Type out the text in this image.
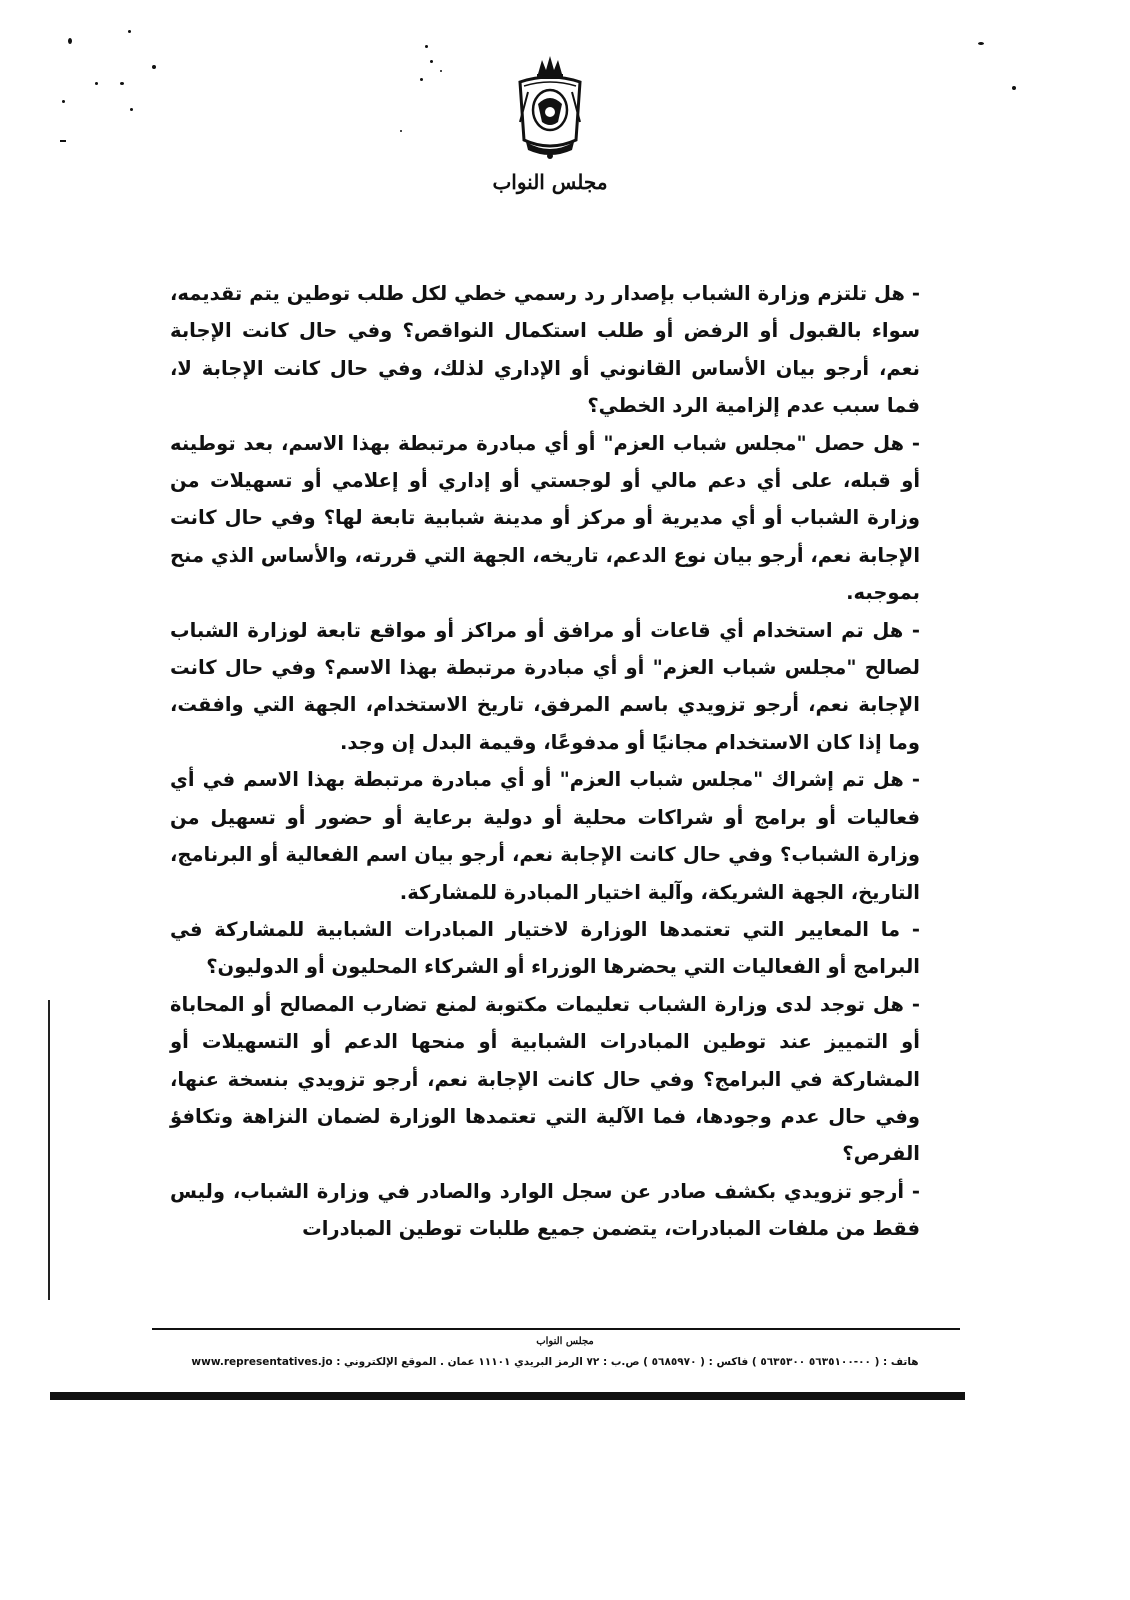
مجلس النواب

- هل تلتزم وزارة الشباب بإصدار رد رسمي خطي لكل طلب توطين يتم تقديمه، سواء بالقبول أو الرفض أو طلب استكمال النواقص؟ وفي حال كانت الإجابة نعم، أرجو بيان الأساس القانوني أو الإداري لذلك، وفي حال كانت الإجابة لا، فما سبب عدم إلزامية الرد الخطي؟

- هل حصل "مجلس شباب العزم" أو أي مبادرة مرتبطة بهذا الاسم، بعد توطينه أو قبله، على أي دعم مالي أو لوجستي أو إداري أو إعلامي أو تسهيلات من وزارة الشباب أو أي مديرية أو مركز أو مدينة شبابية تابعة لها؟ وفي حال كانت الإجابة نعم، أرجو بيان نوع الدعم، تاريخه، الجهة التي قررته، والأساس الذي منح بموجبه.

- هل تم استخدام أي قاعات أو مرافق أو مراكز أو مواقع تابعة لوزارة الشباب لصالح "مجلس شباب العزم" أو أي مبادرة مرتبطة بهذا الاسم؟ وفي حال كانت الإجابة نعم، أرجو تزويدي باسم المرفق، تاريخ الاستخدام، الجهة التي وافقت، وما إذا كان الاستخدام مجانيًا أو مدفوعًا، وقيمة البدل إن وجد.

- هل تم إشراك "مجلس شباب العزم" أو أي مبادرة مرتبطة بهذا الاسم في أي فعاليات أو برامج أو شراكات محلية أو دولية برعاية أو حضور أو تسهيل من وزارة الشباب؟ وفي حال كانت الإجابة نعم، أرجو بيان اسم الفعالية أو البرنامج، التاريخ، الجهة الشريكة، وآلية اختيار المبادرة للمشاركة.

- ما المعايير التي تعتمدها الوزارة لاختيار المبادرات الشبابية للمشاركة في البرامج أو الفعاليات التي يحضرها الوزراء أو الشركاء المحليون أو الدوليون؟

- هل توجد لدى وزارة الشباب تعليمات مكتوبة لمنع تضارب المصالح أو المحاباة أو التمييز عند توطين المبادرات الشبابية أو منحها الدعم أو التسهيلات أو المشاركة في البرامج؟ وفي حال كانت الإجابة نعم، أرجو تزويدي بنسخة عنها، وفي حال عدم وجودها، فما الآلية التي تعتمدها الوزارة لضمان النزاهة وتكافؤ الفرص؟

- أرجو تزويدي بكشف صادر عن سجل الوارد والصادر في وزارة الشباب، وليس فقط من ملفات المبادرات، يتضمن جميع طلبات توطين المبادرات

مجلس النواب
هاتف : ( ٠٠-٥٦٣٥١٠٠ ٥٦٣٥٣٠٠ ) فاكس : ( ٥٦٨٥٩٧٠ ) ص.ب : ٧٢ الرمز البريدي ١١١٠١ عمان . الموقع الإلكتروني : www.representatives.jo
